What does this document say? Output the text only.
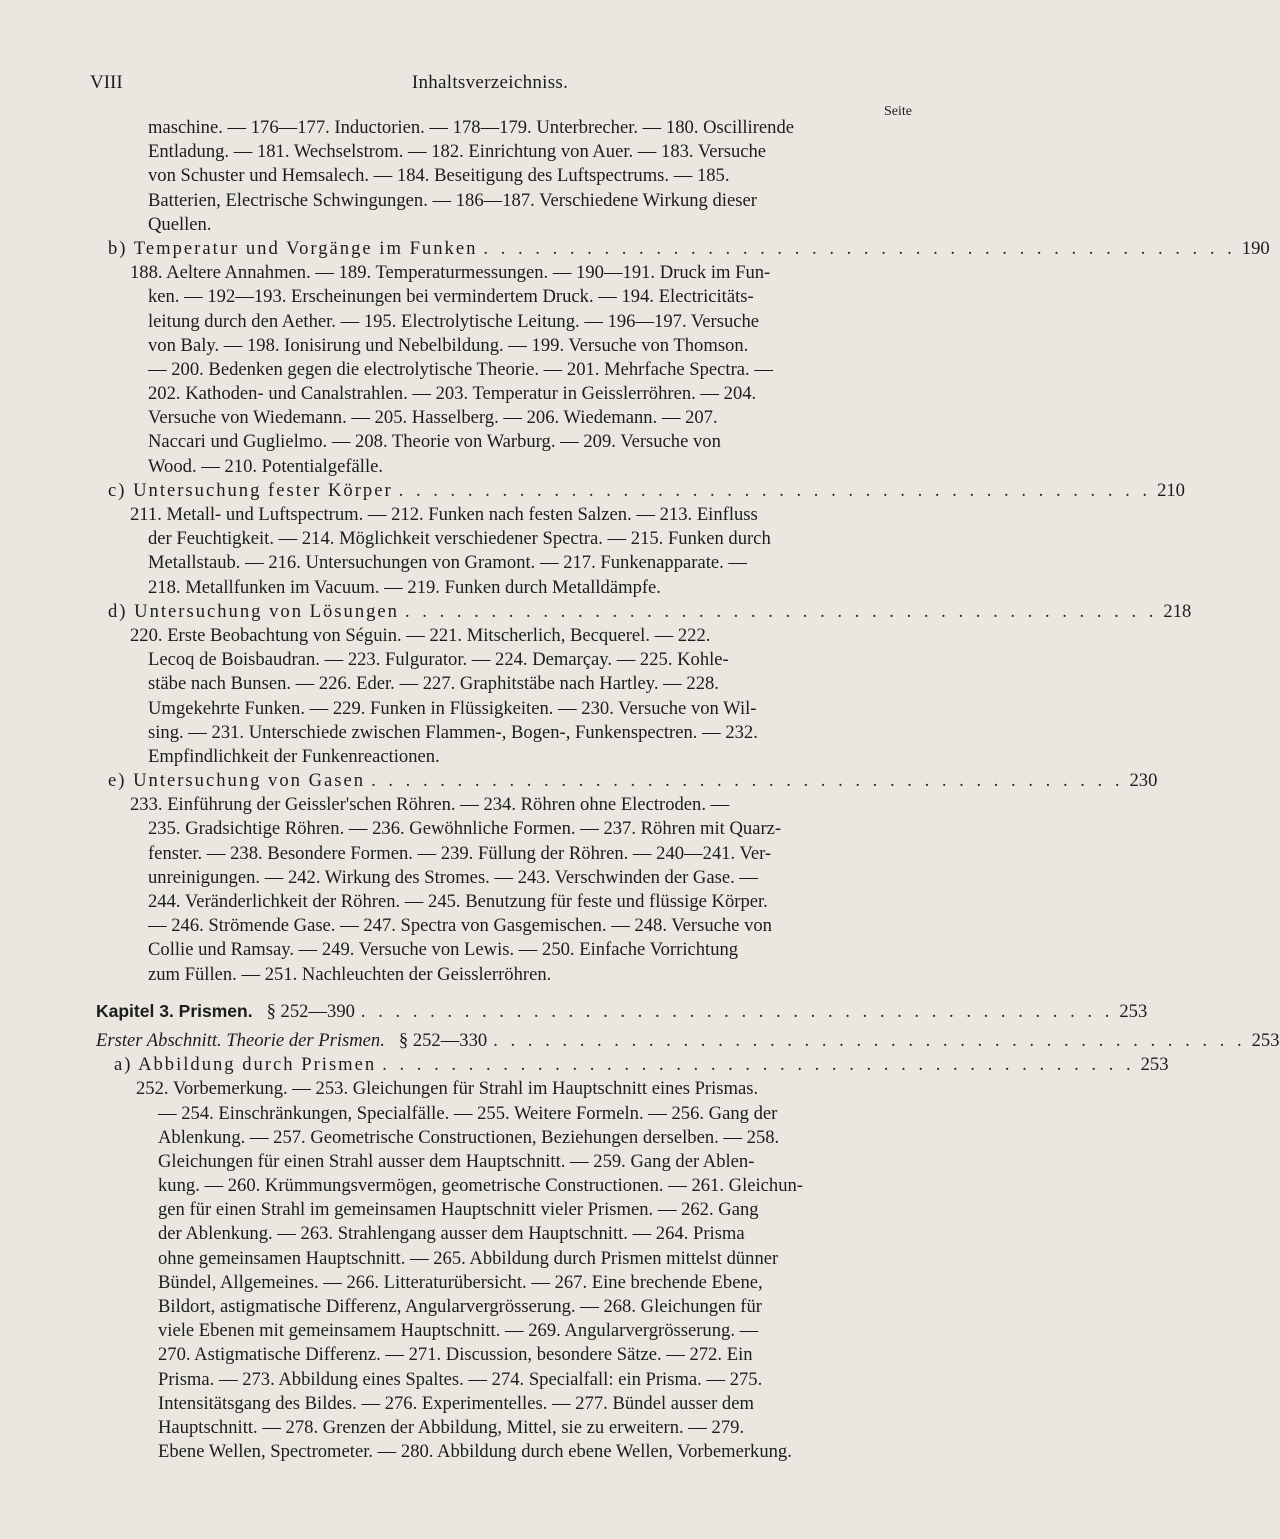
VIII	Inhaltsverzeichniss.
Seite
maschine. — 176—177. Inductorien. — 178—179. Unterbrecher. — 180. Oscillirende
Entladung. — 181. Wechselstrom. — 182. Einrichtung von Auer. — 183. Versuche
von Schuster und Hemsalech. — 184. Beseitigung des Luftspectrums. — 185.
Batterien, Electrische Schwingungen. — 186—187. Verschiedene Wirkung dieser
Quellen.
b) Temperatur und Vorgänge im Funken . . . . . . . . . . . . . . . . . . . . . . . . . . . . . . . . . . . . . . . . . . . . 190
188. Aeltere Annahmen. — 189. Temperaturmessungen. — 190—191. Druck im Fun-
ken. — 192—193. Erscheinungen bei vermindertem Druck. — 194. Electricitäts-
leitung durch den Aether. — 195. Electrolytische Leitung. — 196—197. Versuche
von Baly. — 198. Ionisirung und Nebelbildung. — 199. Versuche von Thomson.
— 200. Bedenken gegen die electrolytische Theorie. — 201. Mehrfache Spectra. —
202. Kathoden- und Canalstrahlen. — 203. Temperatur in Geisslerröhren. — 204.
Versuche von Wiedemann. — 205. Hasselberg. — 206. Wiedemann. — 207.
Naccari und Guglielmo. — 208. Theorie von Warburg. — 209. Versuche von
Wood. — 210. Potentialgefälle.
c) Untersuchung fester Körper . . . . . . . . . . . . . . . . . . . . . . . . . . . . . . . . . . . . . . . . . . . . 210
211. Metall- und Luftspectrum. — 212. Funken nach festen Salzen. — 213. Einfluss
der Feuchtigkeit. — 214. Möglichkeit verschiedener Spectra. — 215. Funken durch
Metallstaub. — 216. Untersuchungen von Gramont. — 217. Funkenapparate. —
218. Metallfunken im Vacuum. — 219. Funken durch Metalldämpfe.
d) Untersuchung von Lösungen . . . . . . . . . . . . . . . . . . . . . . . . . . . . . . . . . . . . . . . . . . . . 218
220. Erste Beobachtung von Séguin. — 221. Mitscherlich, Becquerel. — 222.
Lecoq de Boisbaudran. — 223. Fulgurator. — 224. Demarçay. — 225. Kohle-
stäbe nach Bunsen. — 226. Eder. — 227. Graphitstäbe nach Hartley. — 228.
Umgekehrte Funken. — 229. Funken in Flüssigkeiten. — 230. Versuche von Wil-
sing. — 231. Unterschiede zwischen Flammen-, Bogen-, Funkenspectren. — 232.
Empfindlichkeit der Funkenreactionen.
e) Untersuchung von Gasen . . . . . . . . . . . . . . . . . . . . . . . . . . . . . . . . . . . . . . . . . . . . 230
233. Einführung der Geissler'schen Röhren. — 234. Röhren ohne Electroden. —
235. Gradsichtige Röhren. — 236. Gewöhnliche Formen. — 237. Röhren mit Quarz-
fenster. — 238. Besondere Formen. — 239. Füllung der Röhren. — 240—241. Ver-
unreinigungen. — 242. Wirkung des Stromes. — 243. Verschwinden der Gase. —
244. Veränderlichkeit der Röhren. — 245. Benutzung für feste und flüssige Körper.
— 246. Strömende Gase. — 247. Spectra von Gasgemischen. — 248. Versuche von
Collie und Ramsay. — 249. Versuche von Lewis. — 250. Einfache Vorrichtung
zum Füllen. — 251. Nachleuchten der Geisslerröhren.
Kapitel 3. Prismen. § 252—390 . . . . . . . . . . . . . . . . . . . . . . . . . . . . . . . . . . . . . . . . . . . . 253
Erster Abschnitt. Theorie der Prismen. § 252—330 . . . . . . . . . . . . . . . . . . . . . . . . . . . . . . . . . . . . . . . . . . . . 253
a) Abbildung durch Prismen . . . . . . . . . . . . . . . . . . . . . . . . . . . . . . . . . . . . . . . . . . . . 253
252. Vorbemerkung. — 253. Gleichungen für Strahl im Hauptschnitt eines Prismas.
— 254. Einschränkungen, Specialfälle. — 255. Weitere Formeln. — 256. Gang der
Ablenkung. — 257. Geometrische Constructionen, Beziehungen derselben. — 258.
Gleichungen für einen Strahl ausser dem Hauptschnitt. — 259. Gang der Ablen-
kung. — 260. Krümmungsvermögen, geometrische Constructionen. — 261. Gleichun-
gen für einen Strahl im gemeinsamen Hauptschnitt vieler Prismen. — 262. Gang
der Ablenkung. — 263. Strahlengang ausser dem Hauptschnitt. — 264. Prisma
ohne gemeinsamen Hauptschnitt. — 265. Abbildung durch Prismen mittelst dünner
Bündel, Allgemeines. — 266. Litteraturübersicht. — 267. Eine brechende Ebene,
Bildort, astigmatische Differenz, Angularvergrösserung. — 268. Gleichungen für
viele Ebenen mit gemeinsamem Hauptschnitt. — 269. Angularvergrösserung. —
270. Astigmatische Differenz. — 271. Discussion, besondere Sätze. — 272. Ein
Prisma. — 273. Abbildung eines Spaltes. — 274. Specialfall: ein Prisma. — 275.
Intensitätsgang des Bildes. — 276. Experimentelles. — 277. Bündel ausser dem
Hauptschnitt. — 278. Grenzen der Abbildung, Mittel, sie zu erweitern. — 279.
Ebene Wellen, Spectrometer. — 280. Abbildung durch ebene Wellen, Vorbemerkung.
